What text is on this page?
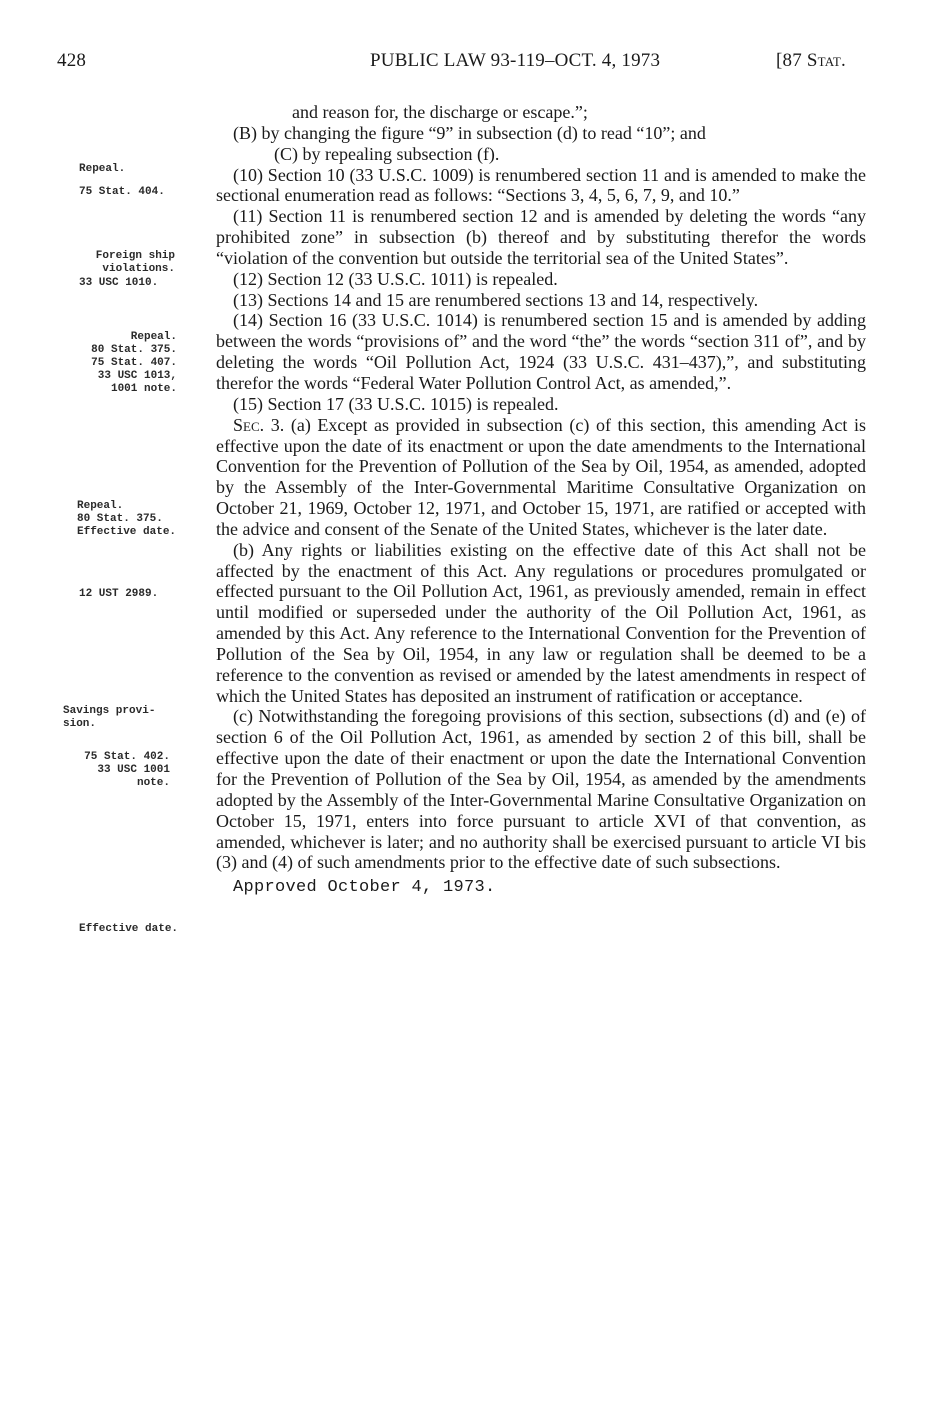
428	PUBLIC LAW 93-119–OCT. 4, 1973	[87 Stat.
Repeal.
75 Stat. 404.
Foreign ship
violations.
33 USC 1010.
Repeal.
80 Stat. 375.
75 Stat. 407.
33 USC 1013,
1001 note.
Repeal.
80 Stat. 375.
Effective date.
12 UST 2989.
Savings provi-
sion.
75 Stat. 402.
33 USC 1001
note.
Effective date.

and reason for, the discharge or escape.”;

(B) by changing the figure “9” in subsection (d) to read “10”; and

(C) by repealing subsection (f).

(10) Section 10 (33 U.S.C. 1009) is renumbered section 11 and is amended to make the sectional enumeration read as follows: “Sections 3, 4, 5, 6, 7, 9, and 10.”

(11) Section 11 is renumbered section 12 and is amended by deleting the words “any prohibited zone” in subsection (b) thereof and by substituting therefor the words “violation of the convention but outside the territorial sea of the United States”.

(12) Section 12 (33 U.S.C. 1011) is repealed.

(13) Sections 14 and 15 are renumbered sections 13 and 14, respectively.

(14) Section 16 (33 U.S.C. 1014) is renumbered section 15 and is amended by adding between the words “provisions of” and the word “the” the words “section 311 of”, and by deleting the words “Oil Pollution Act, 1924 (33 U.S.C. 431–437),”, and substituting therefor the words “Federal Water Pollution Control Act, as amended,”.

(15) Section 17 (33 U.S.C. 1015) is repealed.

Sec. 3. (a) Except as provided in subsection (c) of this section, this amending Act is effective upon the date of its enactment or upon the date amendments to the International Convention for the Prevention of Pollution of the Sea by Oil, 1954, as amended, adopted by the Assembly of the Inter-Governmental Maritime Consultative Organization on October 21, 1969, October 12, 1971, and October 15, 1971, are ratified or accepted with the advice and consent of the Senate of the United States, whichever is the later date.

(b) Any rights or liabilities existing on the effective date of this Act shall not be affected by the enactment of this Act. Any regulations or procedures promulgated or effected pursuant to the Oil Pollution Act, 1961, as previously amended, remain in effect until modified or superseded under the authority of the Oil Pollution Act, 1961, as amended by this Act. Any reference to the International Convention for the Prevention of Pollution of the Sea by Oil, 1954, in any law or regulation shall be deemed to be a reference to the convention as revised or amended by the latest amendments in respect of which the United States has deposited an instrument of ratification or acceptance.

(c) Notwithstanding the foregoing provisions of this section, subsections (d) and (e) of section 6 of the Oil Pollution Act, 1961, as amended by section 2 of this bill, shall be effective upon the date of their enactment or upon the date the International Convention for the Prevention of Pollution of the Sea by Oil, 1954, as amended by the amendments adopted by the Assembly of the Inter-Governmental Marine Consultative Organization on October 15, 1971, enters into force pursuant to article XVI of that convention, as amended, whichever is later; and no authority shall be exercised pursuant to article VI bis (3) and (4) of such amendments prior to the effective date of such subsections.

Approved October 4, 1973.
